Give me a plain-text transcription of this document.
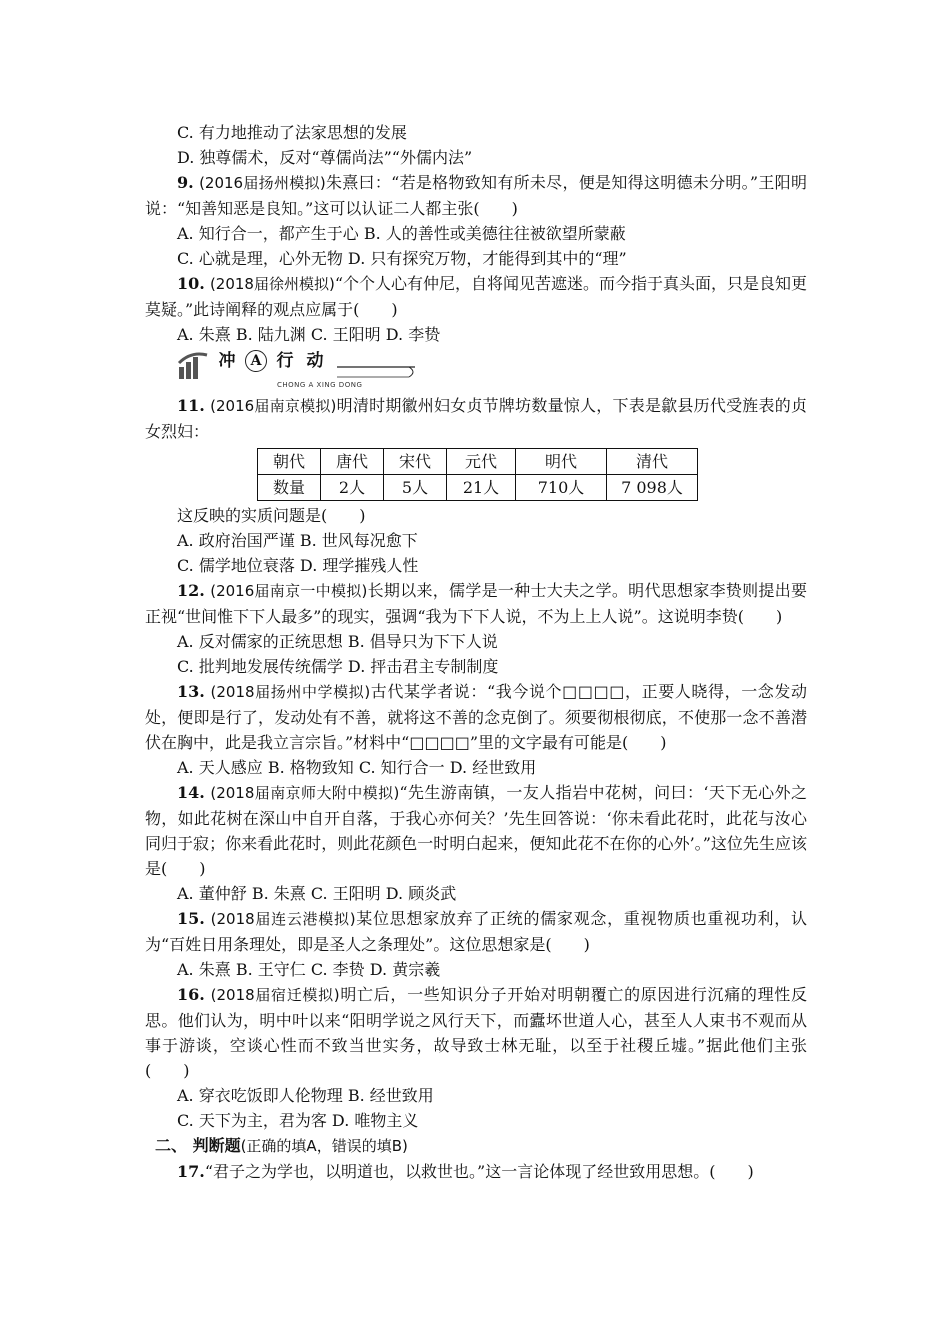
C. 有力地推动了法家思想的发展
D. 独尊儒术，反对“尊儒尚法”“外儒内法”
9. (2016届扬州模拟)朱熹曰：“若是格物致知有所未尽，便是知得这明德未分明。”王阳明说：“知善知恶是良知。”这可以认证二人都主张(　　)
A. 知行合一，都产生于心 B. 人的善性或美德往往被欲望所蒙蔽
C. 心就是理，心外无物 D. 只有探究万物，才能得到其中的“理”
10. (2018届徐州模拟)“个个人心有仲尼，自将闻见苦遮迷。而今指于真头面，只是良知更莫疑。”此诗阐释的观点应属于(　　)
A. 朱熹 B. 陆九渊 C. 王阳明 D. 李贽
冲	A 行 动
CHONG A XING DONG
11. (2016届南京模拟)明清时期徽州妇女贞节牌坊数量惊人，下表是歙县历代受旌表的贞女烈妇：
朝代	唐代	宋代	元代	明代	清代
数量	2人	5人	21人	710人	7 098人
这反映的实质问题是(　　)
A. 政府治国严谨 B. 世风每况愈下
C. 儒学地位衰落 D. 理学摧残人性
12. (2016届南京一中模拟)长期以来，儒学是一种士大夫之学。明代思想家李贽则提出要正视“世间惟下下人最多”的现实，强调“我为下下人说，不为上上人说”。这说明李贽(　　)
A. 反对儒家的正统思想 B. 倡导只为下下人说
C. 批判地发展传统儒学 D. 抨击君主专制制度
13. (2018届扬州中学模拟)古代某学者说：“我今说个□□□□，正要人晓得，一念发动处，便即是行了，发动处有不善，就将这不善的念克倒了。须要彻根彻底，不使那一念不善潜伏在胸中，此是我立言宗旨。”材料中“□□□□”里的文字最有可能是(　　)
A. 天人感应 B. 格物致知 C. 知行合一 D. 经世致用
14. (2018届南京师大附中模拟)“先生游南镇，一友人指岩中花树，问曰：‘天下无心外之物，如此花树在深山中自开自落，于我心亦何关？’先生回答说：‘你未看此花时，此花与汝心同归于寂；你来看此花时，则此花颜色一时明白起来，便知此花不在你的心外’。”这位先生应该是(　　)
A. 董仲舒 B. 朱熹 C. 王阳明 D. 顾炎武
15. (2018届连云港模拟)某位思想家放弃了正统的儒家观念，重视物质也重视功利，认为“百姓日用条理处，即是圣人之条理处”。这位思想家是(　　)
A. 朱熹 B. 王守仁 C. 李贽 D. 黄宗羲
16. (2018届宿迁模拟)明亡后，一些知识分子开始对明朝覆亡的原因进行沉痛的理性反思。他们认为，明中叶以来“阳明学说之风行天下，而蠹坏世道人心，甚至人人束书不观而从事于游谈，空谈心性而不致当世实务，故导致士林无耻，以至于社稷丘墟。”据此他们主张(　　)
A. 穿衣吃饭即人伦物理 B. 经世致用
C. 天下为主，君为客 D. 唯物主义
二、 判断题(正确的填A，错误的填B)
17.“君子之为学也，以明道也，以救世也。”这一言论体现了经世致用思想。(　　)
